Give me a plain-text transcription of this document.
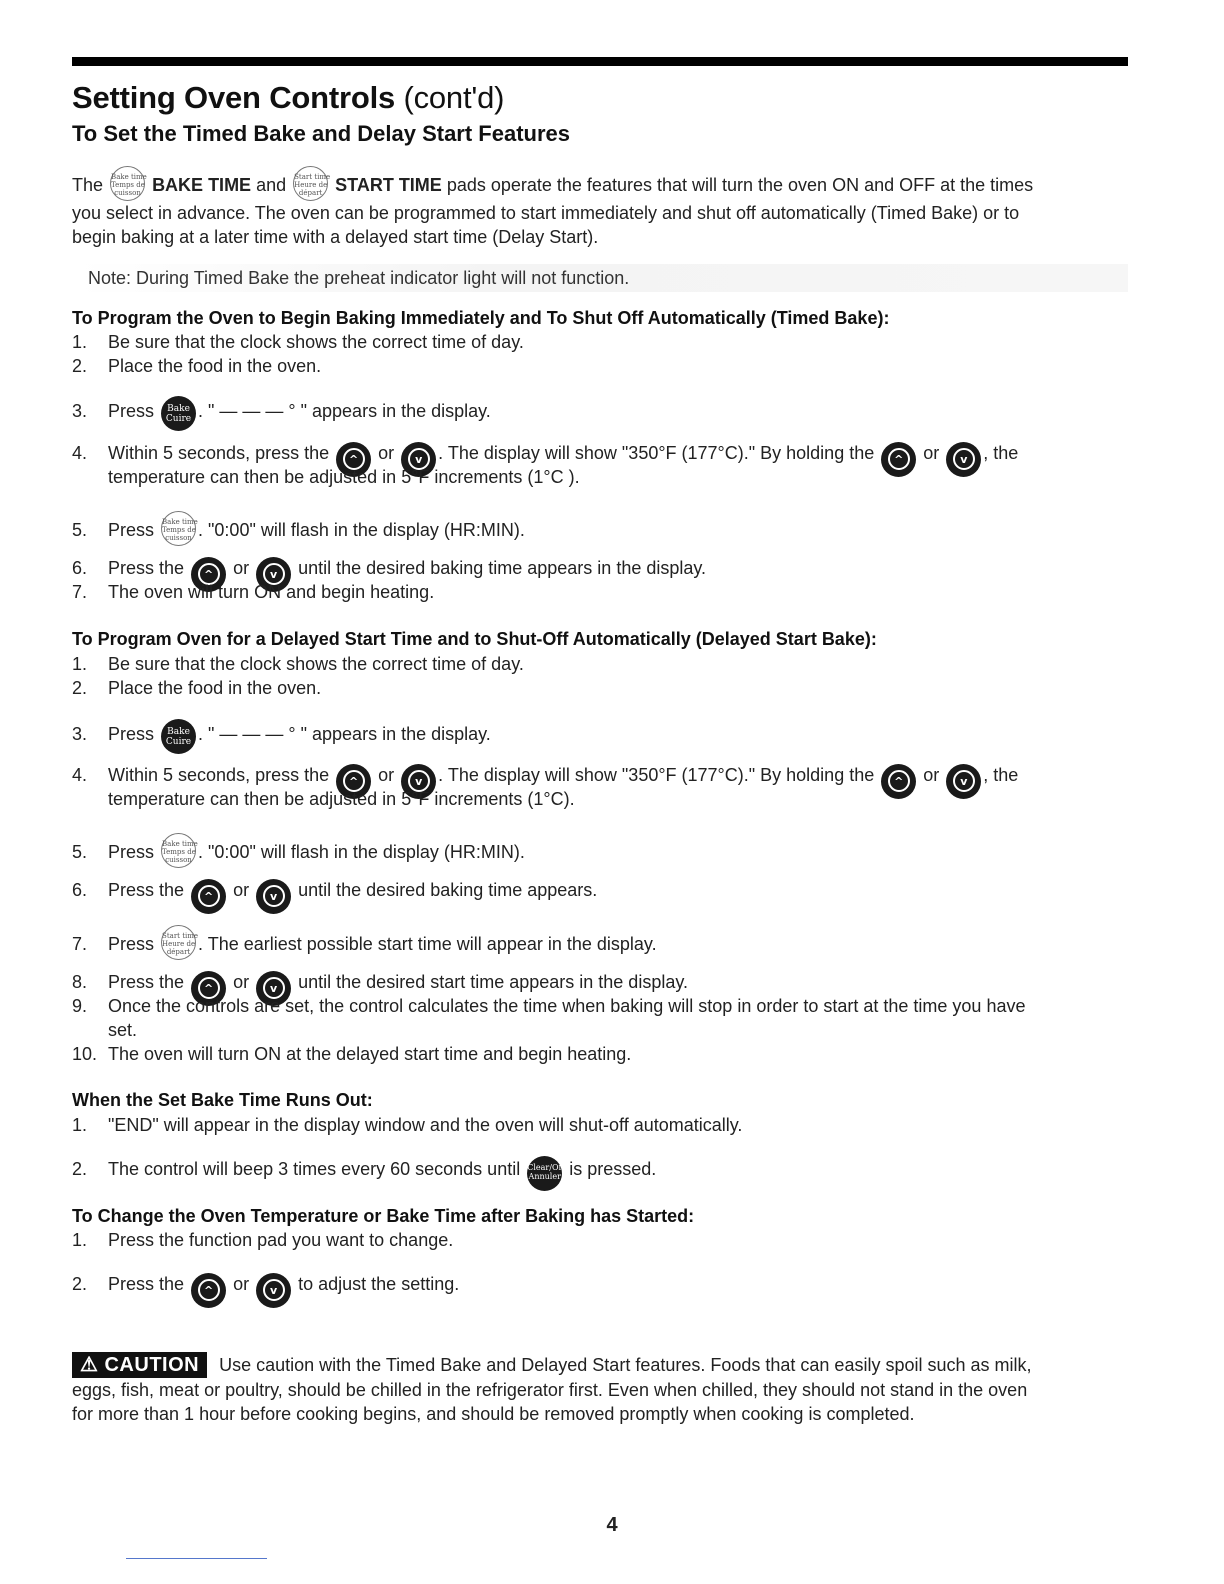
Setting Oven Controls (cont'd)
To Set the Timed Bake and Delay Start Features
The Bake time
Temps de
cuisson BAKE TIME and Start time
Heure de
départ START TIME pads operate the features that will turn the oven ON and OFF at the times
you select in advance. The oven can be programmed to start immediately and shut off automatically (Timed Bake) or to
begin baking at a later time with a delayed start time (Delay Start).
Note: During Timed Bake the preheat indicator light will not function.
To Program the Oven to Begin Baking Immediately and To Shut Off Automatically (Timed Bake):
1. Be sure that the clock shows the correct time of day.
2. Place the food in the oven.
3. Press Bake
Cuire . " — — — ° " appears in the display.
4. Within 5 seconds, press the ^ or v . The display will show "350°F (177°C)." By holding the ^ or v , the
temperature can then be adjusted in 5°F increments (1°C ).
5. Press Bake time
Temps de
cuisson . "0:00" will flash in the display (HR:MIN).
6. Press the ^ or v until the desired baking time appears in the display.
7. The oven will turn ON and begin heating.
To Program Oven for a Delayed Start Time and to Shut-Off Automatically (Delayed Start Bake):
1. Be sure that the clock shows the correct time of day.
2. Place the food in the oven.
3. Press Bake
Cuire . " — — — ° " appears in the display.
4. Within 5 seconds, press the ^ or v . The display will show "350°F (177°C)." By holding the ^ or v , the
temperature can then be adjusted in 5°F increments (1°C).
5. Press Bake time
Temps de
cuisson . "0:00" will flash in the display (HR:MIN).
6. Press the ^ or v until the desired baking time appears.
7. Press Start time
Heure de
départ . The earliest possible start time will appear in the display.
8. Press the ^ or v until the desired start time appears in the display.
9. Once the controls are set, the control calculates the time when baking will stop in order to start at the time you have
set.
10. The oven will turn ON at the delayed start time and begin heating.
When the Set Bake Time Runs Out:
1. "END" will appear in the display window and the oven will shut-off automatically.
2. The control will beep 3 times every 60 seconds until Clear/Off
Annuler is pressed.
To Change the Oven Temperature or Bake Time after Baking has Started:
1. Press the function pad you want to change.
2. Press the ^ or v to adjust the setting.
⚠ CAUTION Use caution with the Timed Bake and Delayed Start features. Foods that can easily spoil such as milk,
eggs, fish, meat or poultry, should be chilled in the refrigerator first. Even when chilled, they should not stand in the oven
for more than 1 hour before cooking begins, and should be removed promptly when cooking is completed.
4
